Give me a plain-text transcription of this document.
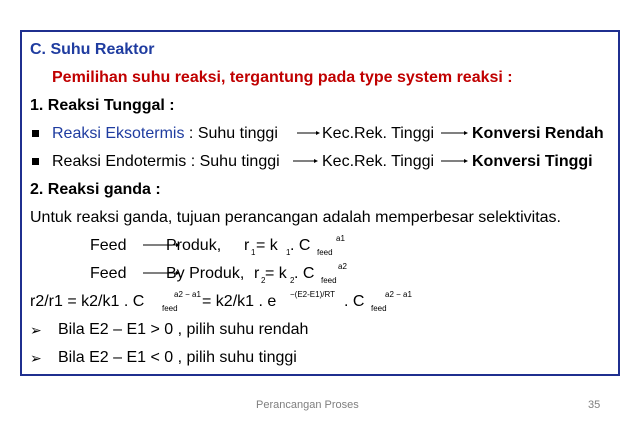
C. Suhu Reaktor
Pemilihan suhu reaksi, tergantung pada type system reaksi :
1. Reaksi Tunggal :
Reaksi Eksotermis : Suhu tinggi	Kec.Rek. Tinggi Konversi Rendah
Reaksi Endotermis : Suhu tinggi	Kec.Rek. Tinggi Konversi Tinggi
2. Reaksi ganda :
Untuk reaksi ganda, tujuan perancangan adalah memperbesar selektivitas.
Feed Produk, r 1 = k 1 . C feed
a1
Feed By Produk, r 2 = k 2 . C feed
a2
r2/r1 = k2/k1 . C feed
a2 − a1 = k2/k1 . e −(E2-E1)/RT . C feed
a2 − a1
➢ Bila E2 – E1 > 0 , pilih suhu rendah
➢ Bila E2 – E1 < 0 , pilih suhu tinggi
Perancangan Proses	35
